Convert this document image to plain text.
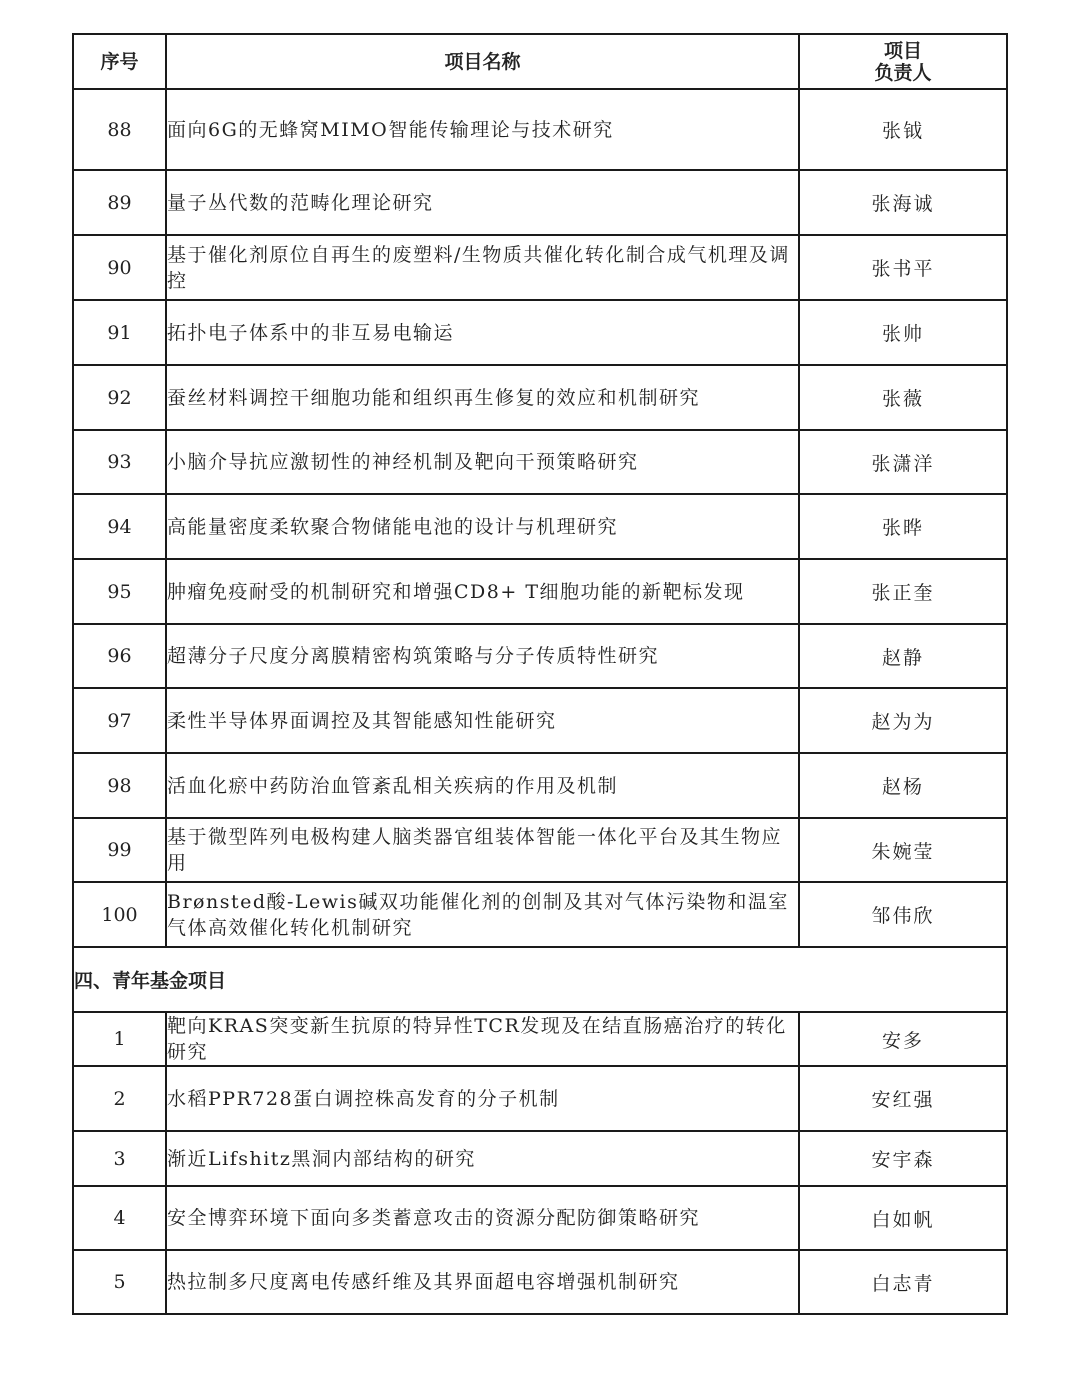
序号	项目名称	项目
负责人

88	面向6G的无蜂窝MIMO智能传输理论与技术研究	张钺
89	量子丛代数的范畴化理论研究	张海诚
90	基于催化剂原位自再生的废塑料/生物质共催化转化制合成气机理及调控	张书平
91	拓扑电子体系中的非互易电输运	张帅
92	蚕丝材料调控干细胞功能和组织再生修复的效应和机制研究	张薇
93	小脑介导抗应激韧性的神经机制及靶向干预策略研究	张潇洋
94	高能量密度柔软聚合物储能电池的设计与机理研究	张晔
95	肿瘤免疫耐受的机制研究和增强CD8+ T细胞功能的新靶标发现	张正奎
96	超薄分子尺度分离膜精密构筑策略与分子传质特性研究	赵静
97	柔性半导体界面调控及其智能感知性能研究	赵为为
98	活血化瘀中药防治血管紊乱相关疾病的作用及机制	赵杨
99	基于微型阵列电极构建人脑类器官组装体智能一体化平台及其生物应用	朱婉莹
100	Brønsted酸-Lewis碱双功能催化剂的创制及其对气体污染物和温室气体高效催化转化机制研究	邹伟欣
四、青年基金项目		
1	靶向KRAS突变新生抗原的特异性TCR发现及在结直肠癌治疗的转化研究	安多
2	水稻PPR728蛋白调控株高发育的分子机制	安红强
3	渐近Lifshitz黑洞内部结构的研究	安宇森
4	安全博弈环境下面向多类蓄意攻击的资源分配防御策略研究	白如帆
5	热拉制多尺度离电传感纤维及其界面超电容增强机制研究	白志青
